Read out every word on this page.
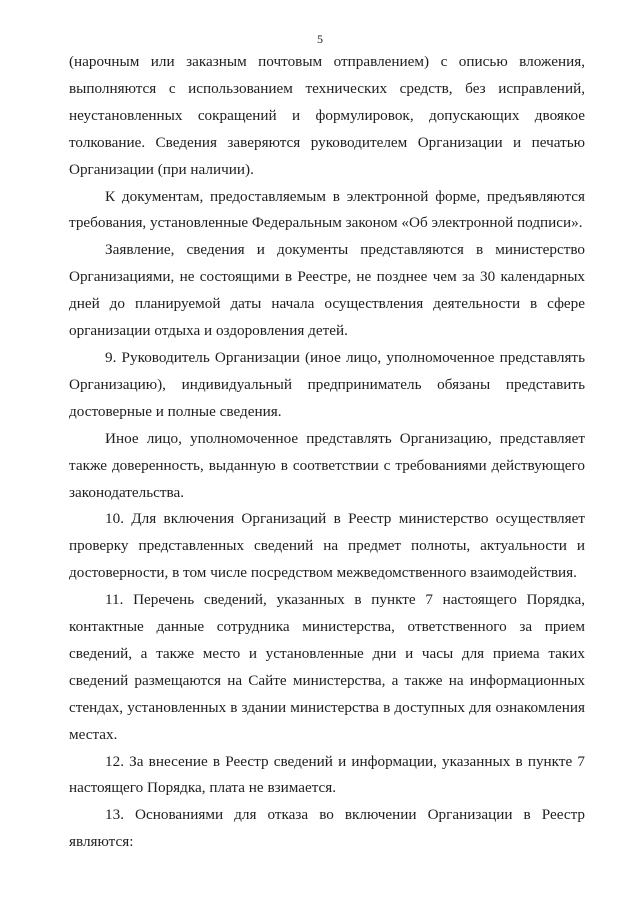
5

(нарочным или заказным почтовым отправлением) с описью вложения, выполняются с использованием технических средств, без исправлений, неустановленных сокращений и формулировок, допускающих двоякое толкование. Сведения заверяются руководителем Организации и печатью Организации (при наличии).

К документам, предоставляемым в электронной форме, предъявляются требования, установленные Федеральным законом «Об электронной подписи».

Заявление, сведения и документы представляются в министерство Организациями, не состоящими в Реестре, не позднее чем за 30 календарных дней до планируемой даты начала осуществления деятельности в сфере организации отдыха и оздоровления детей.

9. Руководитель Организации (иное лицо, уполномоченное представлять Организацию), индивидуальный предприниматель обязаны представить достоверные и полные сведения.

Иное лицо, уполномоченное представлять Организацию, представляет также доверенность, выданную в соответствии с требованиями действующего законодательства.

10. Для включения Организаций в Реестр министерство осуществляет проверку представленных сведений на предмет полноты, актуальности и достоверности, в том числе посредством межведомственного взаимодействия.

11. Перечень сведений, указанных в пункте 7 настоящего Порядка, контактные данные сотрудника министерства, ответственного за прием сведений, а также место и установленные дни и часы для приема таких сведений размещаются на Сайте министерства, а также на информационных стендах, установленных в здании министерства в доступных для ознакомления местах.

12. За внесение в Реестр сведений и информации, указанных в пункте 7 настоящего Порядка, плата не взимается.

13. Основаниями для отказа во включении Организации в Реестр являются:
